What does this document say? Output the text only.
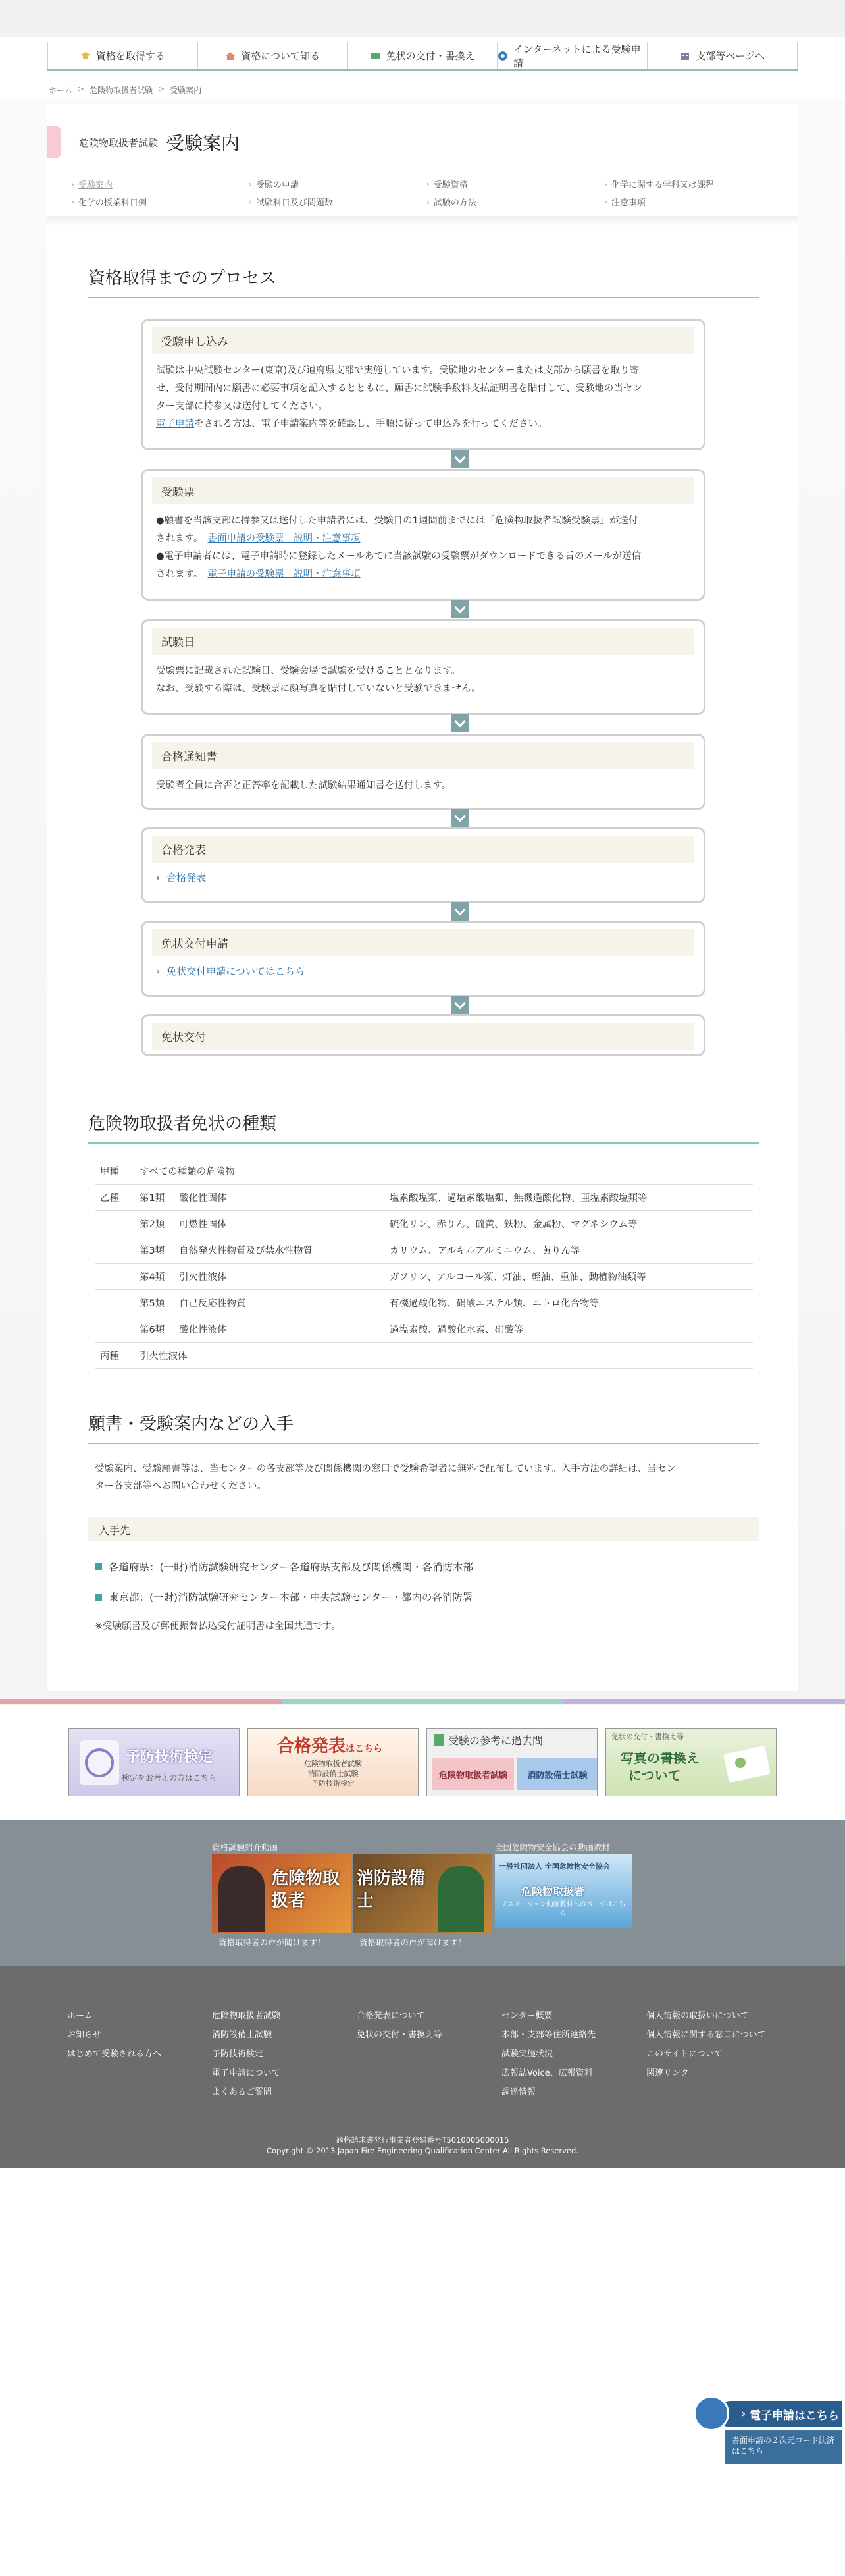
資格を取得する	資格について知る	免状の交付・書換え
インターネットによる受験申請
支部等ページへ
ホーム > 危険物取扱者試験 > 受験案内
危険物取扱者試験 受験案内
› 受験案内	› 受験の申請	› 受験資格	› 化学に関する学科又は課程
› 化学の授業科目例	› 試験科目及び問題数	› 試験の方法	› 注意事項
資格取得までのプロセス
受験申し込み
試験は中央試験センター(東京)及び道府県支部で実施しています。受験地のセンターまたは支部から願書を取り寄
せ、受付期間内に願書に必要事項を記入するとともに、願書に試験手数料支払証明書を貼付して、受験地の当セン
ター支部に持参又は送付してください。
電子申請をされる方は、電子申請案内等を確認し、手順に従って申込みを行ってください。
受験票
●願書を当該支部に持参又は送付した申請者には、受験日の1週間前までには「危険物取扱者試験受験票」が送付
されます。　 書面申請の受験票　説明・注意事項
●電子申請者には、電子申請時に登録したメールあてに当該試験の受験票がダウンロードできる旨のメールが送信
されます。　 電子申請の受験票　説明・注意事項
試験日
受験票に記載された試験日、受験会場で試験を受けることとなります。
なお、受験する際は、受験票に顔写真を貼付していないと受験できません。
合格通知書
受験者全員に合否と正答率を記載した試験結果通知書を送付します。
合格発表
› 合格発表
免状交付申請
› 免状交付申請についてはこちら
免状交付
危険物取扱者免状の種類
甲種	すべての種類の危険物		
乙種	第1類	酸化性固体	塩素酸塩類、過塩素酸塩類、無機過酸化物、亜塩素酸塩類等
	第2類	可燃性固体	硫化リン、赤りん、硫黄、鉄粉、金属粉、マグネシウム等
	第3類	自然発火性物質及び禁水性物質	カリウム、アルキルアルミニウム、黄りん等
	第4類	引火性液体	ガソリン、アルコール類、灯油、軽油、重油、動植物油類等
	第5類	自己反応性物質	有機過酸化物、硝酸エステル類、ニトロ化合物等
	第6類	酸化性液体	過塩素酸、過酸化水素、硝酸等
丙種	引火性液体		
願書・受験案内などの入手
受験案内、受験願書等は、当センターの各支部等及び関係機関の窓口で受験希望者に無料で配布しています。入手方法の詳細は、当セン
ター各支部等へお問い合わせください。
入手先
各道府県：(一財)消防試験研究センター各道府県支部及び関係機関・各消防本部
東京都：(一財)消防試験研究センター本部・中央試験センター・都内の各消防署
※受験願書及び郵便振替払込受付証明書は全国共通です。
予防技術検定
検定をお考えの方はこちら
合格発表はこちら
危険物取扱者試験
消防設備士試験
予防技術検定
受験の参考に過去問
危険物取扱者試験	消防設備士試験
免状の交付・書換え等
写真の書換え
について
資格試験紹介動画	全国危険物安全協会の動画教材
危険物取扱者
消防設備士
一般社団法人 全国危険物安全協会
危険物取扱者
アニメーション動画教材へのページはこちら
資格取得者の声が聞けます！	資格取得者の声が聞けます！
ホーム
お知らせ
はじめて受験される方へ
危険物取扱者試験
消防設備士試験
予防技術検定
電子申請について
よくあるご質問
合格発表について
免状の交付・書換え等
センター概要
本部・支部等住所連絡先
試験実施状況
広報誌Voice、広報資料
調達情報
個人情報の取扱いについて
個人情報に関する窓口について
このサイトについて
関連リンク
適格請求書発行事業者登録番号T5010005000015
Copyright © 2013 Japan Fire Engineering Qualification Center All Rights Reserved.
› 電子申請はこちら
書面申請の２次元コード決済はこちら
